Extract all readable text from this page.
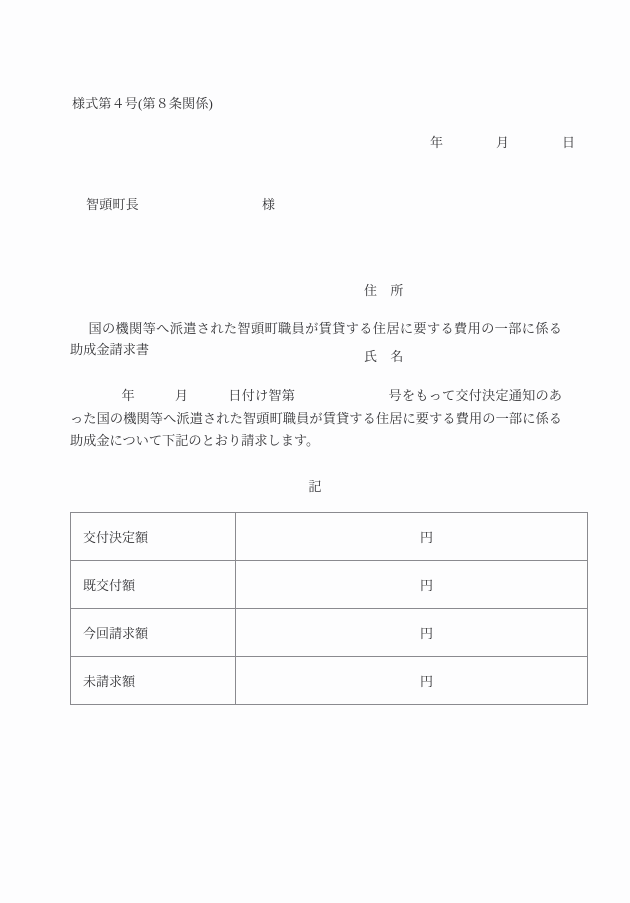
様式第４号(第８条関係)
年　　　　月　　　　日
智頭町長	様

住　所

氏　名

国の機関等へ派遣された智頭町職員が賃貸する住居に要する費用の一部に係る助成金請求書
年　　　月　　　日付け智第　　　　　　　号をもって交付決定通知のあった国の機関等へ派遣された智頭町職員が賃貸する住居に要する費用の一部に係る助成金について下記のとおり請求します。
記
交付決定額	円
既交付額	円
今回請求額	円
未請求額	円
